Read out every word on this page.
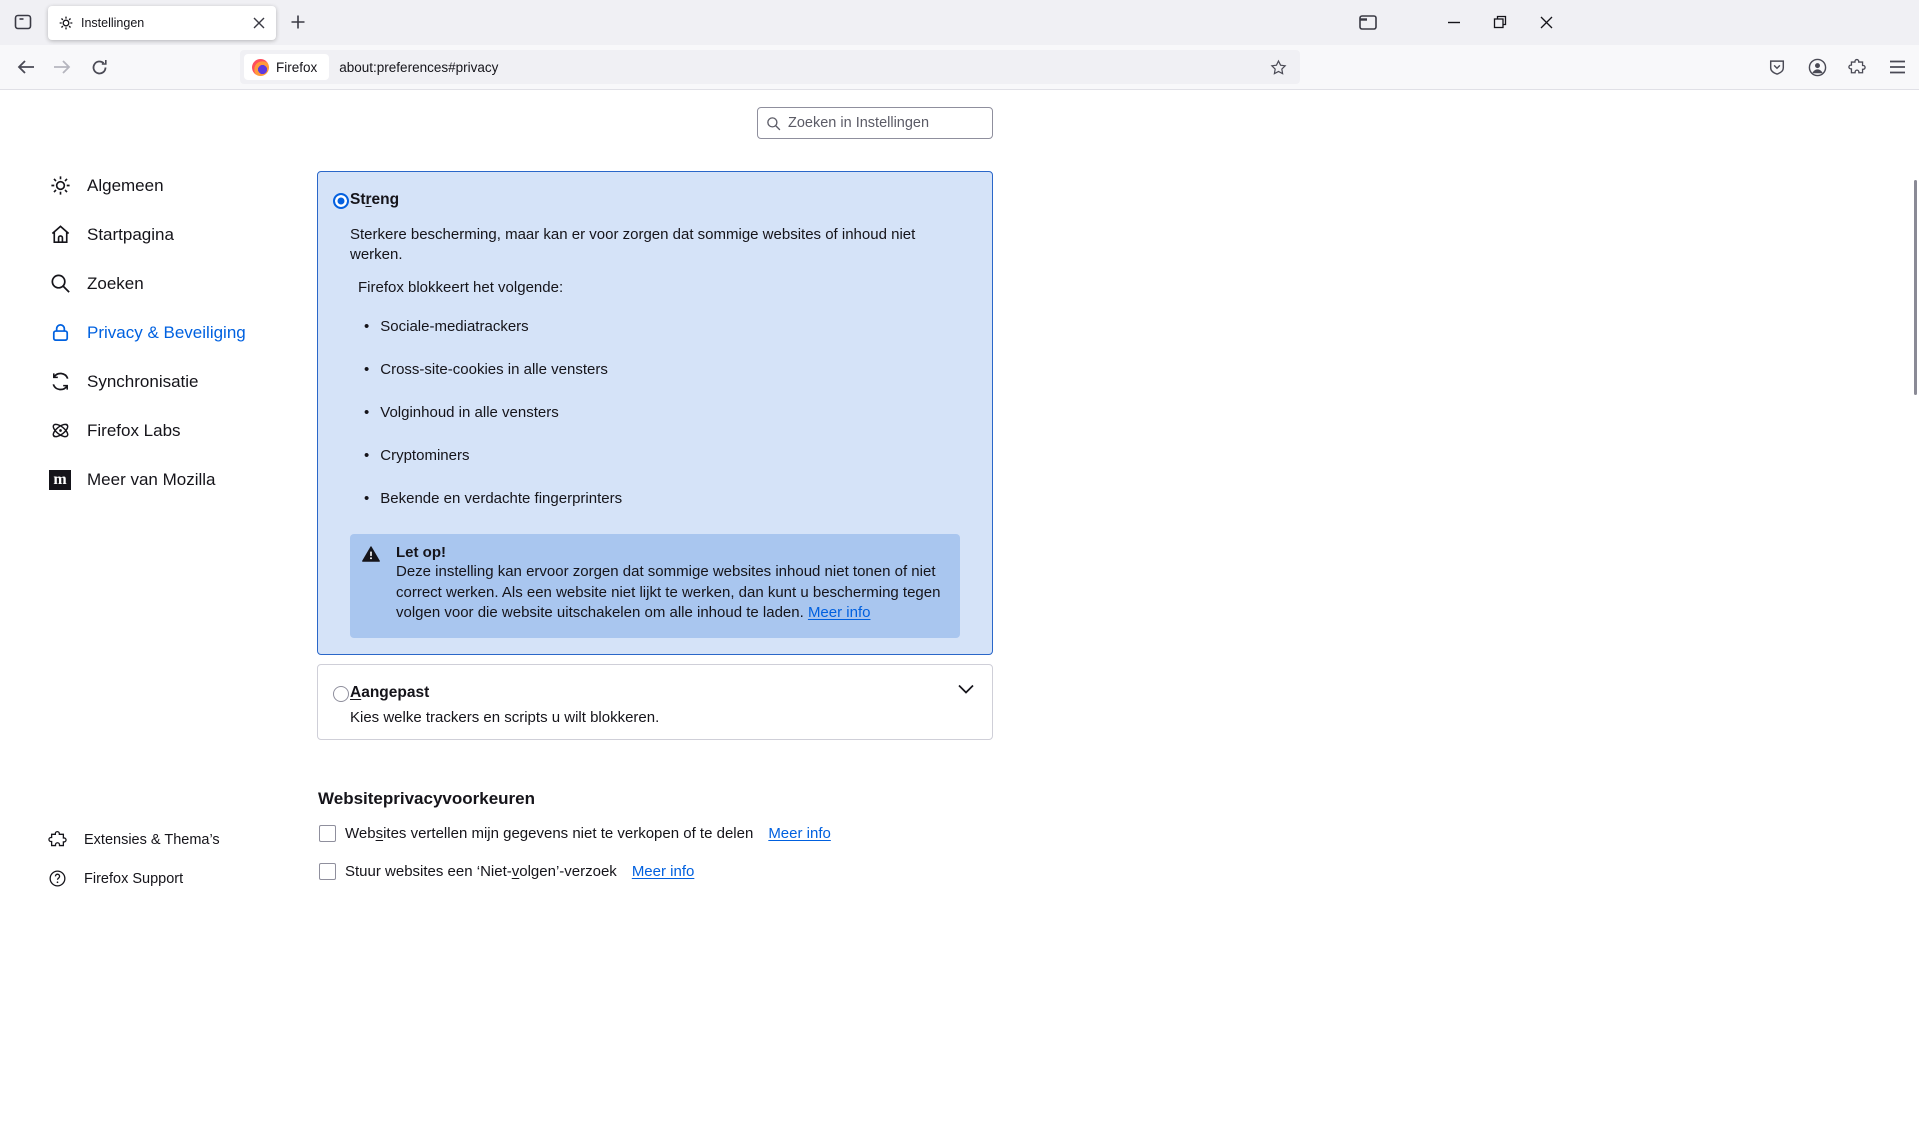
Instellingen
Firefox about:preferences#privacy
Zoeken in Instellingen
Algemeen
Startpagina
Zoeken
Privacy & Beveiliging
Synchronisatie
Firefox Labs
m Meer van Mozilla
Extensies & Thema’s
Firefox Support
Streng
Sterkere bescherming, maar kan er voor zorgen dat sommige websites of inhoud niet werken.
Firefox blokkeert het volgende:
• Sociale-mediatrackers
• Cross-site-cookies in alle vensters
• Volginhoud in alle vensters
• Cryptominers
• Bekende en verdachte fingerprinters
Let op!
Deze instelling kan ervoor zorgen dat sommige websites inhoud niet tonen of niet correct werken. Als een website niet lijkt te werken, dan kunt u bescherming tegen volgen voor die website uitschakelen om alle inhoud te laden. Meer info
Aangepast
Kies welke trackers en scripts u wilt blokkeren.
Websiteprivacyvoorkeuren
Websites vertellen mijn gegevens niet te verkopen of te delen Meer info
Stuur websites een ‘Niet-volgen’-verzoek Meer info
